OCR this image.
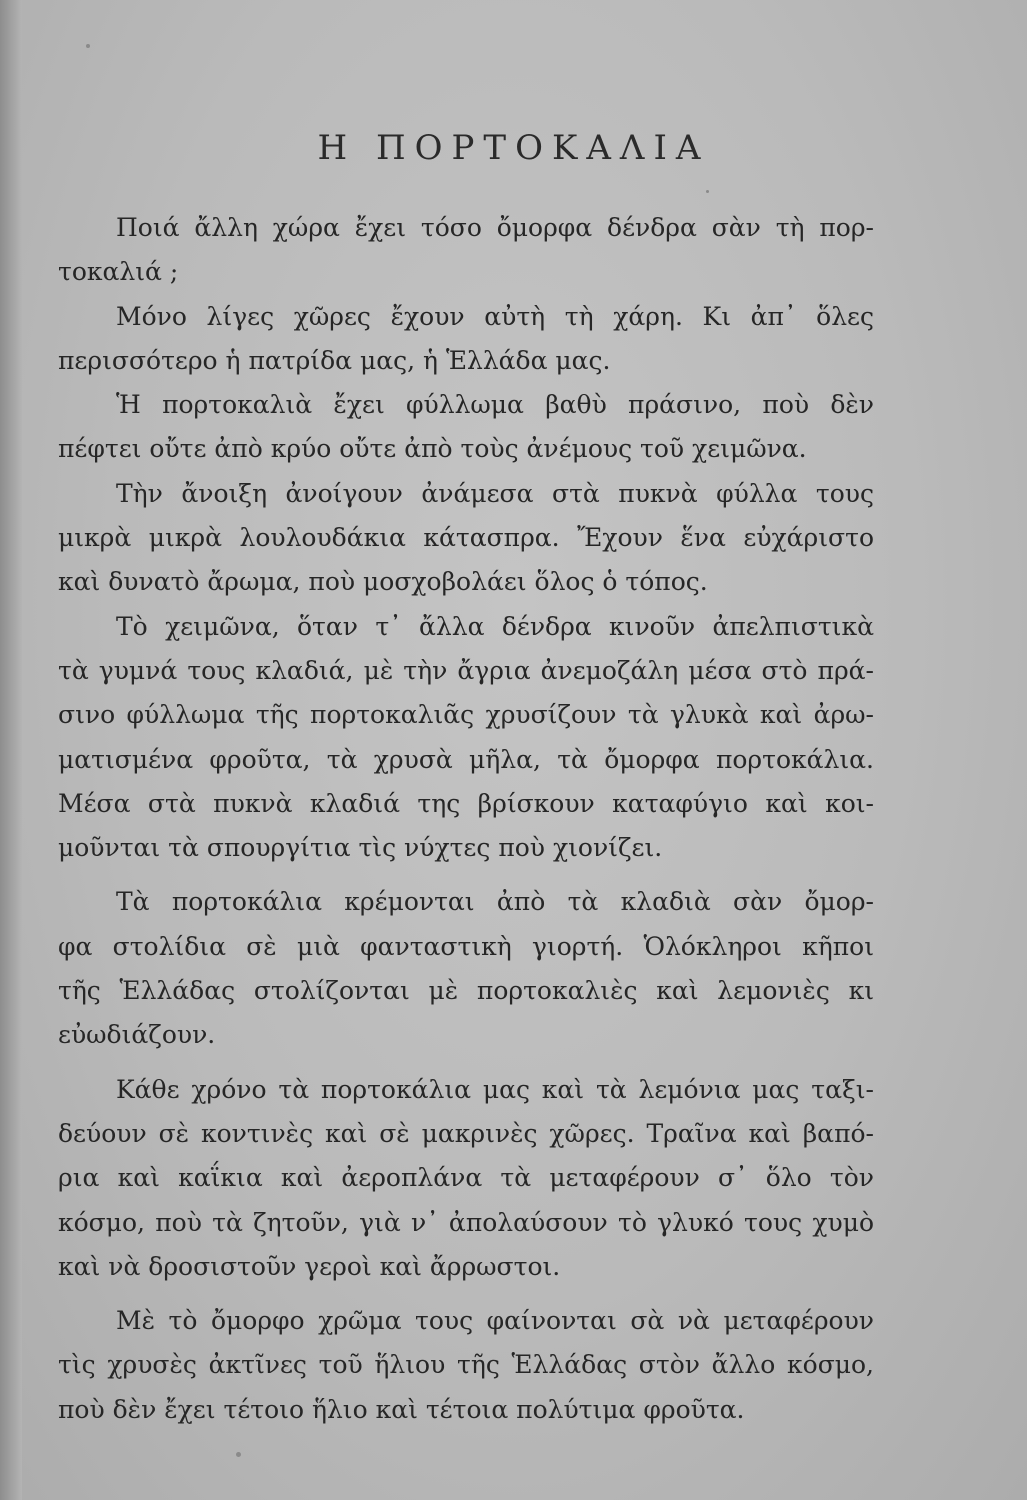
Η ΠΟΡΤΟΚΑΛΙΑ
Ποιά ἄλλη χώρα ἔχει τόσο ὄμορφα δένδρα σὰν τὴ πορ-
τοκαλιά ;
Μόνο λίγες χῶρες ἔχουν αὐτὴ τὴ χάρη. Κι ἀπ᾽ ὅλες
περισσότερο ἡ πατρίδα μας, ἡ Ἑλλάδα μας.
Ἡ πορτοκαλιὰ ἔχει φύλλωμα βαθὺ πράσινο, ποὺ δὲν
πέφτει οὔτε ἀπὸ κρύο οὔτε ἀπὸ τοὺς ἀνέμους τοῦ χειμῶνα.
Τὴν ἄνοιξη ἀνοίγουν ἀνάμεσα στὰ πυκνὰ φύλλα τους
μικρὰ μικρὰ λουλουδάκια κάτασπρα. Ἔχουν ἕνα εὐχάριστο
καὶ δυνατὸ ἄρωμα, ποὺ μοσχοβολάει ὅλος ὁ τόπος.
Τὸ χειμῶνα, ὅταν τ᾽ ἄλλα δένδρα κινοῦν ἀπελπιστικὰ
τὰ γυμνά τους κλαδιά, μὲ τὴν ἄγρια ἀνεμοζάλη μέσα στὸ πρά-
σινο φύλλωμα τῆς πορτοκαλιᾶς χρυσίζουν τὰ γλυκὰ καὶ ἀρω-
ματισμένα φροῦτα, τὰ χρυσὰ μῆλα, τὰ ὄμορφα πορτοκάλια.
Μέσα στὰ πυκνὰ κλαδιά της βρίσκουν καταφύγιο καὶ κοι-
μοῦνται τὰ σπουργίτια τὶς νύχτες ποὺ χιονίζει.
Τὰ πορτοκάλια κρέμονται ἀπὸ τὰ κλαδιὰ σὰν ὄμορ-
φα στολίδια σὲ μιὰ φανταστικὴ γιορτή. Ὁλόκληροι κῆποι
τῆς Ἑλλάδας στολίζονται μὲ πορτοκαλιὲς καὶ λεμονιὲς κι
εὐωδιάζουν.
Κάθε χρόνο τὰ πορτοκάλια μας καὶ τὰ λεμόνια μας ταξι-
δεύουν σὲ κοντινὲς καὶ σὲ μακρινὲς χῶρες. Τραῖνα καὶ βαπό-
ρια καὶ καΐκια καὶ ἀεροπλάνα τὰ μεταφέρουν σ᾽ ὅλο τὸν
κόσμο, ποὺ τὰ ζητοῦν, γιὰ ν᾽ ἀπολαύσουν τὸ γλυκό τους χυμὸ
καὶ νὰ δροσιστοῦν γεροὶ καὶ ἄρρωστοι.
Μὲ τὸ ὄμορφο χρῶμα τους φαίνονται σὰ νὰ μεταφέρουν
τὶς χρυσὲς ἀκτῖνες τοῦ ἥλιου τῆς Ἑλλάδας στὸν ἄλλο κόσμο,
ποὺ δὲν ἔχει τέτοιο ἥλιο καὶ τέτοια πολύτιμα φροῦτα.
